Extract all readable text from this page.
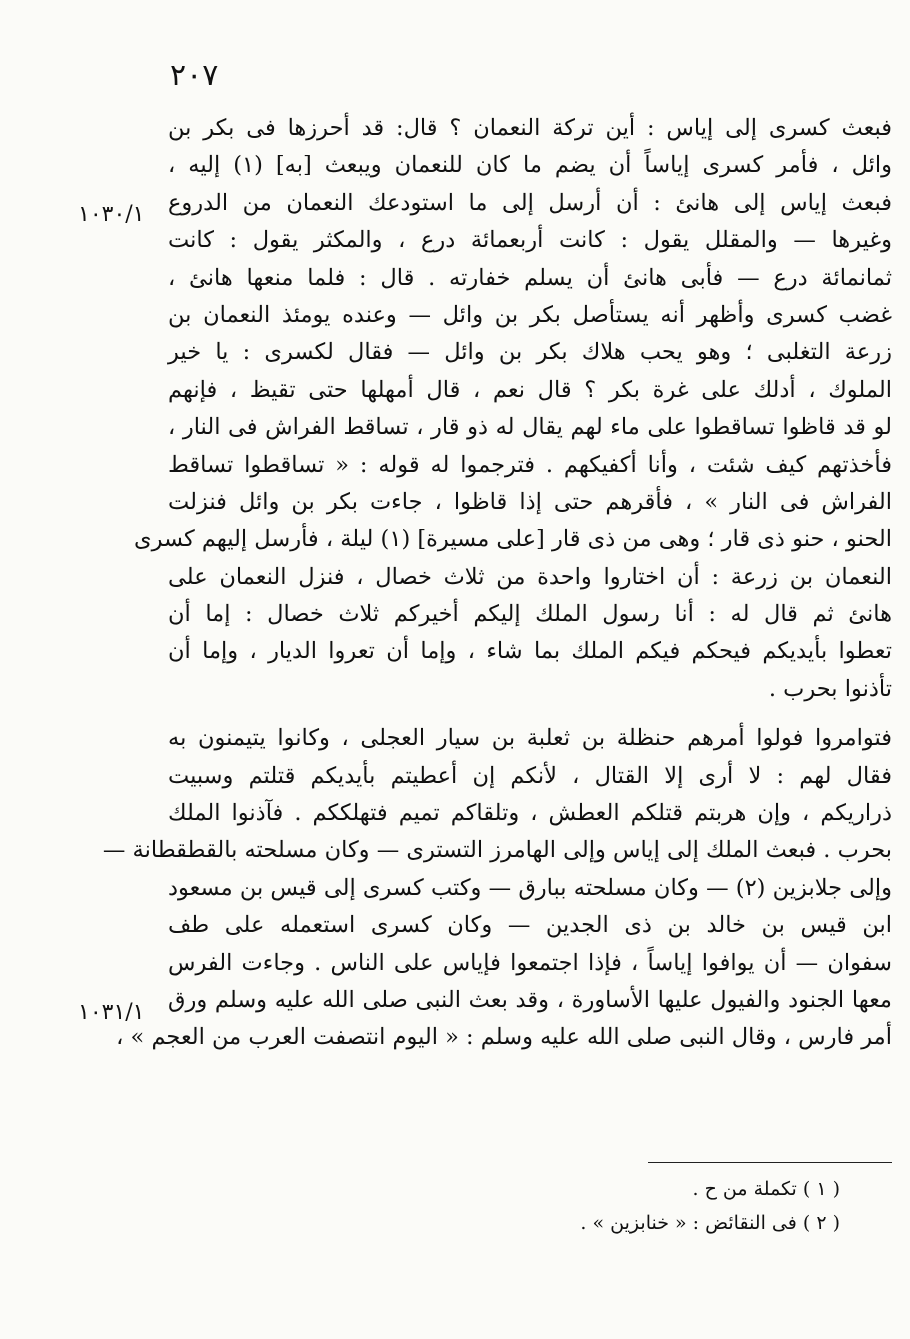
٢٠٧
١٠٣٠/١
١٠٣١/١
فبعث كسرى إلى إياس : أين تركة النعمان ؟ قال: قد أحرزها فى بكر بن
وائل ، فأمر كسرى إياساً أن يضم ما كان للنعمان ويبعث [به] (١) إليه ،
فبعث إياس إلى هانئ : أن أرسل إلى ما استودعك النعمان من الدروع
وغيرها — والمقلل يقول : كانت أربعمائة درع ، والمكثر يقول : كانت
ثمانمائة درع — فأبى هانئ أن يسلم خفارته . قال : فلما منعها هانئ ،
غضب كسرى وأظهر أنه يستأصل بكر بن وائل — وعنده يومئذ النعمان بن
زرعة التغلبى ؛ وهو يحب هلاك بكر بن وائل — فقال لكسرى : يا خير
الملوك ، أدلك على غرة بكر ؟ قال نعم ، قال أمهلها حتى تقيظ ، فإنهم
لو قد قاظوا تساقطوا على ماء لهم يقال له ذو قار ، تساقط الفراش فى النار ،
فأخذتهم كيف شئت ، وأنا أكفيكهم . فترجموا له قوله : « تساقطوا تساقط
الفراش فى النار » ، فأقرهم حتى إذا قاظوا ، جاءت بكر بن وائل فنزلت
الحنو ، حنو ذى قار ؛ وهى من ذى قار [على مسيرة] (١) ليلة ، فأرسل إليهم كسرى
النعمان بن زرعة : أن اختاروا واحدة من ثلاث خصال ، فنزل النعمان على
هانئ ثم قال له : أنا رسول الملك إليكم أخيركم ثلاث خصال : إما أن
تعطوا بأيديكم فيحكم فيكم الملك بما شاء ، وإما أن تعروا الديار ، وإما أن
تأذنوا بحرب .
فتوامروا فولوا أمرهم حنظلة بن ثعلبة بن سيار العجلى ، وكانوا يتيمنون به
فقال لهم : لا أرى إلا القتال ، لأنكم إن أعطيتم بأيديكم قتلتم وسبيت
ذراريكم ، وإن هربتم قتلكم العطش ، وتلقاكم تميم فتهلككم . فآذنوا الملك
بحرب . فبعث الملك إلى إياس وإلى الهامرز التسترى — وكان مسلحته بالقطقطانة —
وإلى جلابزين (٢) — وكان مسلحته ببارق — وكتب كسرى إلى قيس بن مسعود
ابن قيس بن خالد بن ذى الجدين — وكان كسرى استعمله على طف
سفوان — أن يوافوا إياساً ، فإذا اجتمعوا فإياس على الناس . وجاءت الفرس
معها الجنود والفيول عليها الأساورة ، وقد بعث النبى صلى الله عليه وسلم ورق
أمر فارس ، وقال النبى صلى الله عليه وسلم : « اليوم انتصفت العرب من العجم » ،
( ١ ) تكملة من ح .
( ٢ ) فى النقائض : « خنابزين » .
